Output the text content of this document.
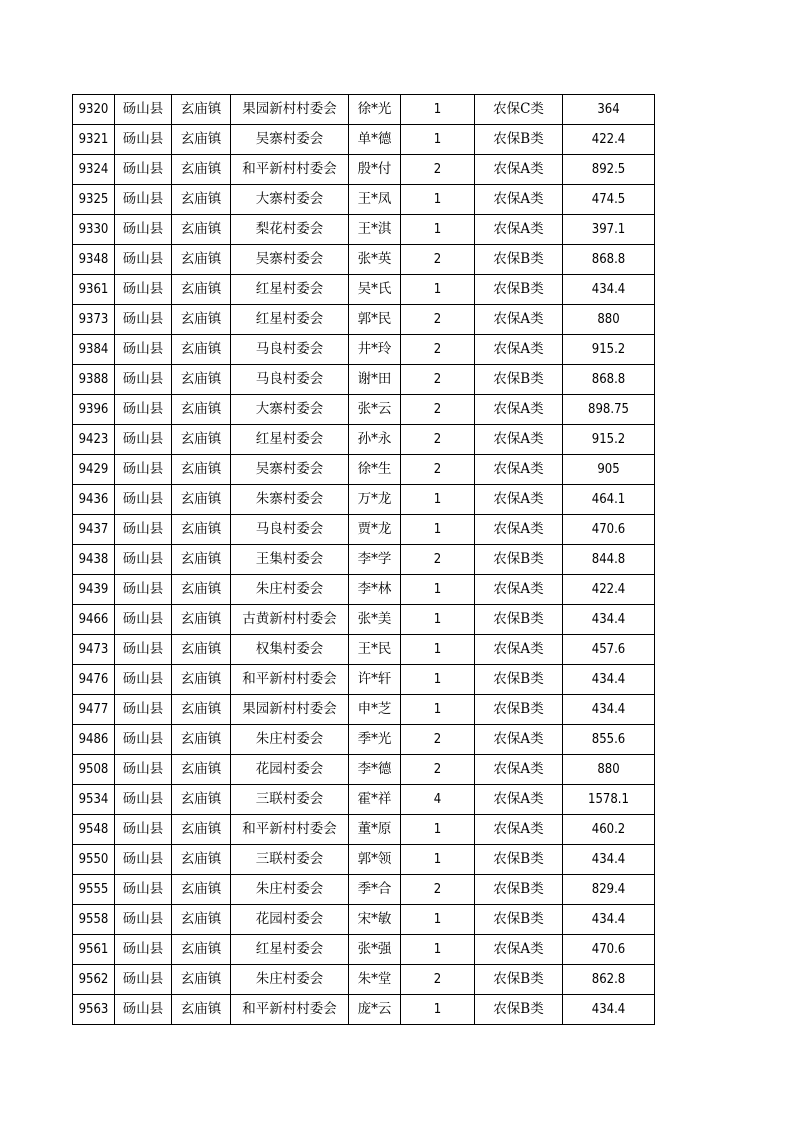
9320	砀山县	玄庙镇	果园新村村委会	徐*光	1	农保C类	364
9321	砀山县	玄庙镇	吴寨村委会	单*德	1	农保B类	422.4
9324	砀山县	玄庙镇	和平新村村委会	殷*付	2	农保A类	892.5
9325	砀山县	玄庙镇	大寨村委会	王*凤	1	农保A类	474.5
9330	砀山县	玄庙镇	梨花村委会	王*淇	1	农保A类	397.1
9348	砀山县	玄庙镇	吴寨村委会	张*英	2	农保B类	868.8
9361	砀山县	玄庙镇	红星村委会	吴*氏	1	农保B类	434.4
9373	砀山县	玄庙镇	红星村委会	郭*民	2	农保A类	880
9384	砀山县	玄庙镇	马良村委会	井*玲	2	农保A类	915.2
9388	砀山县	玄庙镇	马良村委会	谢*田	2	农保B类	868.8
9396	砀山县	玄庙镇	大寨村委会	张*云	2	农保A类	898.75
9423	砀山县	玄庙镇	红星村委会	孙*永	2	农保A类	915.2
9429	砀山县	玄庙镇	吴寨村委会	徐*生	2	农保A类	905
9436	砀山县	玄庙镇	朱寨村委会	万*龙	1	农保A类	464.1
9437	砀山县	玄庙镇	马良村委会	贾*龙	1	农保A类	470.6
9438	砀山县	玄庙镇	王集村委会	李*学	2	农保B类	844.8
9439	砀山县	玄庙镇	朱庄村委会	李*林	1	农保A类	422.4
9466	砀山县	玄庙镇	古黄新村村委会	张*美	1	农保B类	434.4
9473	砀山县	玄庙镇	权集村委会	王*民	1	农保A类	457.6
9476	砀山县	玄庙镇	和平新村村委会	许*轩	1	农保B类	434.4
9477	砀山县	玄庙镇	果园新村村委会	申*芝	1	农保B类	434.4
9486	砀山县	玄庙镇	朱庄村委会	季*光	2	农保A类	855.6
9508	砀山县	玄庙镇	花园村委会	李*德	2	农保A类	880
9534	砀山县	玄庙镇	三联村委会	霍*祥	4	农保A类	1578.1
9548	砀山县	玄庙镇	和平新村村委会	董*原	1	农保A类	460.2
9550	砀山县	玄庙镇	三联村委会	郭*领	1	农保B类	434.4
9555	砀山县	玄庙镇	朱庄村委会	季*合	2	农保B类	829.4
9558	砀山县	玄庙镇	花园村委会	宋*敏	1	农保B类	434.4
9561	砀山县	玄庙镇	红星村委会	张*强	1	农保A类	470.6
9562	砀山县	玄庙镇	朱庄村委会	朱*堂	2	农保B类	862.8
9563	砀山县	玄庙镇	和平新村村委会	庞*云	1	农保B类	434.4
